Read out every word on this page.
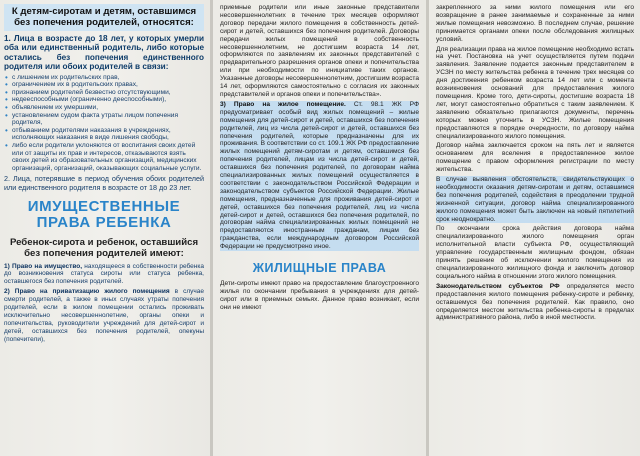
К детям-сиротам и детям, оставшимся без попечения родителей, относятся:

1. Лица в возрасте до 18 лет, у которых умерли оба или единственный родитель, либо которые остались без попечения единственного родителя или обоих родителей в связи:

• с лишением их родительских прав,
• ограничением их в родительских правах,
• признанием родителей безвестно отсутствующими,
• недееспособными (ограниченно дееспособными),
• объявлением их умершими,
• установлением судом факта утраты лицом попечения родителя,
• отбыванием родителями наказания в учреждениях, исполняющих наказания в виде лишения свободы,
• либо если родители уклоняются от воспитания своих детей или от защиты их прав и интересов, отказываются взять своих детей из образовательных организаций, медицинских организаций, организаций, оказывающих социальные услуги.

2. Лица, потерявшие в период обучения обоих родителей или единственного родителя в возрасте от 18 до 23 лет.

ИМУЩЕСТВЕННЫЕ ПРАВА РЕБЕНКА
Ребенок-сирота и ребенок, оставшийся без попечения родителей имеют:

1) Право на имущество, находящееся в собственности ребенка до возникновения статуса сироты или статуса ребенка, оставшегося без попечения родителей.

2) Право на приватизацию жилого помещения в случае смерти родителей, а также в иных случаях утраты попечения родителей, если в жилом помещении остались проживать исключительно несовершеннолетние, органы опеки и попечительства, руководители учреждений для детей-сирот и детей, оставшихся без попечения родителей, опекуны (попечители),

приемные родители или иные законные представители несовершеннолетних в течение трех месяцев оформляют договор передачи жилого помещения в собственность детей-сирот и детей, оставшихся без попечения родителей. Договоры передачи жилых помещений в собственность несовершеннолетним, не достигшим возраста 14 лет, оформляются по заявлениям их законных представителей с предварительного разрешения органов опеки и попечительства или при необходимости по инициативе таких органов. Указанные договоры несовершеннолетним, достигшим возраста 14 лет, оформляются самостоятельно с согласия их законных представителей и органов опеки и попечительства».

3) Право на жилое помещение. Ст. 98.1 ЖК РФ предусматривает особый вид жилых помещений – жилые помещения для детей-сирот и детей, оставшихся без попечения родителей, лиц из числа детей-сирот и детей, оставшихся без попечения родителей, которые предназначены для их проживания. В соответствии со ст. 109.1 ЖК РФ предоставление жилых помещений детям-сиротам и детям, оставшимся без попечения родителей, лицам из числа детей-сирот и детей, оставшихся без попечения родителей, по договорам найма специализированных жилых помещений осуществляется в соответствии с законодательством Российской Федерации и законодательством субъектов Российской Федерации. Жилые помещения, предназначенные для проживания детей-сирот и детей, оставшихся без попечения родителей, лиц из числа детей-сирот и детей, оставшихся без попечения родителей, по договорам найма специализированных жилых помещений не предоставляются иностранным гражданам, лицам без гражданства, если международным договором Российской Федерации не предусмотрено иное.

ЖИЛИЩНЫЕ ПРАВА

Дети-сироты имеют право на предоставление благоустроенного жилья по окончании пребывания в учреждениях для детей-сирот или в приемных семьях. Данное право возникает, если они не имеют

закрепленного за ними жилого помещения или его возвращение в ранее занимаемые и сохраненные за ними жилые помещения невозможно. В последнем случае, решение принимается органами опеки после обследования жилищных условий.

Для реализации права на жилое помещение необходимо встать на учет. Постановка на учет осуществляется путем подачи заявления. Заявление подается законным представителем в УСЗН по месту жительства ребенка в течение трех месяцев со дня достижения ребенком возраста 14 лет или с момента возникновения оснований для предоставления жилого помещения. Кроме того, дети-сироты, достигшие возраста 18 лет, могут самостоятельно обратиться с таким заявлением. К заявлению обязательно прилагаются документы, перечень которых можно уточнить в УСЗН. Жилые помещения предоставляются в порядке очередности, по договору найма специализированного жилого помещения.

Договор найма заключается сроком на пять лет и является основанием для вселения в предоставленное жилое помещение с правом оформления регистрации по месту жительства.

В случае выявления обстоятельств, свидетельствующих о необходимости оказания детям-сиротам и детям, оставшимся без попечения родителей, содействия в преодолении трудной жизненной ситуации, договор найма специализированного жилого помещения может быть заключен на новый пятилетний срок неоднократно.

По окончании срока действия договора найма специализированного жилого помещения орган исполнительной власти субъекта РФ, осуществляющий управление государственным жилищным фондом, обязан принять решение об исключении жилого помещения из специализированного жилищного фонда и заключить договор социального найма в отношении этого жилого помещения.

Законодательством субъектов РФ определяется место предоставления жилого помещения ребенку-сироте и ребенку, оставшемуся без попечения родителей. Как правило, оно определяется местом жительства ребенка-сироты в пределах административного района, либо в иной местности.
